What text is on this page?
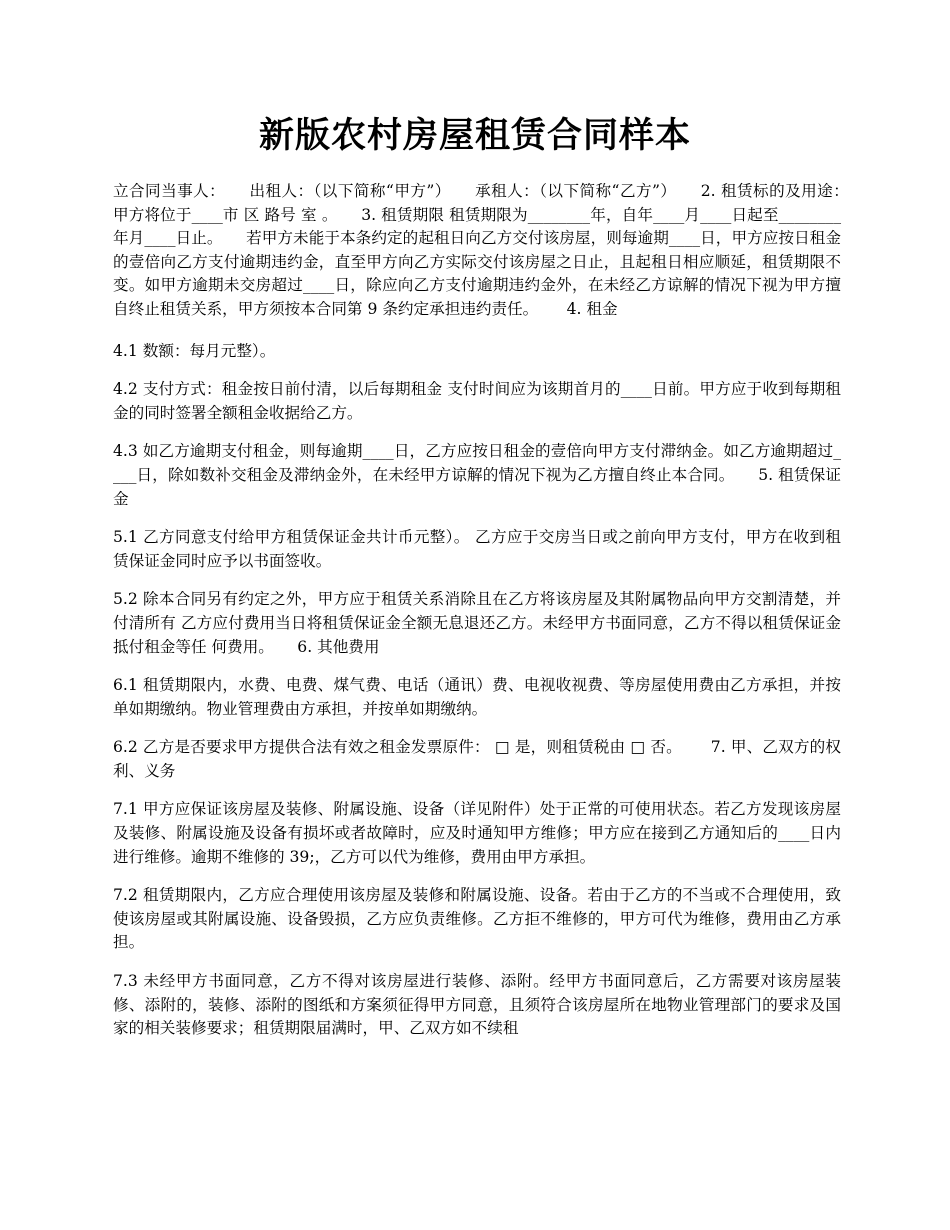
新版农村房屋租赁合同样本

立合同当事人：　　出租人：（以下简称“甲方”）　　承租人：（以下简称“乙方”）　　2. 租赁标的及用途：　　甲方将位于____市 区 路号 室 。　　3. 租赁期限 租赁期限为________年，自年____月____日起至________年月____日止。　　若甲方未能于本条约定的起租日向乙方交付该房屋，则每逾期____日，甲方应按日租金的壹倍向乙方支付逾期违约金，直至甲方向乙方实际交付该房屋之日止，且起租日相应顺延，租赁期限不变。如甲方逾期未交房超过____日，除应向乙方支付逾期违约金外，在未经乙方谅解的情况下视为甲方擅自终止租赁关系，甲方须按本合同第 9 条约定承担违约责任。　　 4. 租金

4.1 数额：每月元整）。

4.2 支付方式：租金按日前付清，以后每期租金 支付时间应为该期首月的____日前。甲方应于收到每期租金的同时签署全额租金收据给乙方。

4.3 如乙方逾期支付租金，则每逾期____日，乙方应按日租金的壹倍向甲方支付滞纳金。如乙方逾期超过____日，除如数补交租金及滞纳金外，在未经甲方谅解的情况下视为乙方擅自终止本合同。　　5. 租赁保证金

5.1 乙方同意支付给甲方租赁保证金共计币元整）。 乙方应于交房当日或之前向甲方支付，甲方在收到租赁保证金同时应予以书面签收。

5.2 除本合同另有约定之外，甲方应于租赁关系消除且在乙方将该房屋及其附属物品向甲方交割清楚，并付清所有 乙方应付费用当日将租赁保证金全额无息退还乙方。未经甲方书面同意，乙方不得以租赁保证金抵付租金等任 何费用。　　6. 其他费用

6.1 租赁期限内，水费、电费、煤气费、电话（通讯）费、电视收视费、等房屋使用费由乙方承担，并按单如期缴纳。物业管理费由方承担，并按单如期缴纳。

6.2 乙方是否要求甲方提供合法有效之租金发票原件： □ 是，则租赁税由 □ 否。　　 7. 甲、乙双方的权利、义务

7.1 甲方应保证该房屋及装修、附属设施、设备（详见附件）处于正常的可使用状态。若乙方发现该房屋及装修、附属设施及设备有损坏或者故障时，应及时通知甲方维修；甲方应在接到乙方通知后的____日内进行维修。逾期不维修的 39;，乙方可以代为维修，费用由甲方承担。

7.2 租赁期限内，乙方应合理使用该房屋及装修和附属设施、设备。若由于乙方的不当或不合理使用，致使该房屋或其附属设施、设备毁损，乙方应负责维修。乙方拒不维修的，甲方可代为维修，费用由乙方承担。

7.3 未经甲方书面同意，乙方不得对该房屋进行装修、添附。经甲方书面同意后，乙方需要对该房屋装修、添附的，装修、添附的图纸和方案须征得甲方同意，且须符合该房屋所在地物业管理部门的要求及国家的相关装修要求；租赁期限届满时，甲、乙双方如不续租
